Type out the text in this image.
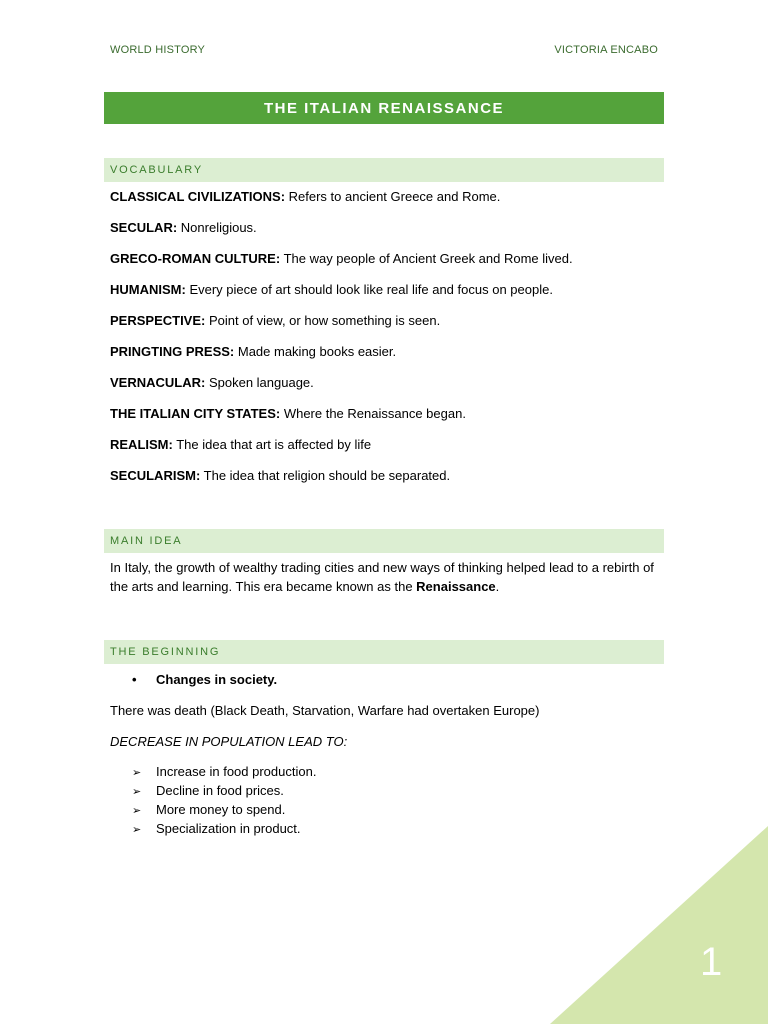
WORLD HISTORY	VICTORIA ENCABO
THE ITALIAN RENAISSANCE
VOCABULARY
CLASSICAL CIVILIZATIONS: Refers to ancient Greece and Rome.
SECULAR: Nonreligious.
GRECO-ROMAN CULTURE: The way people of Ancient Greek and Rome lived.
HUMANISM: Every piece of art should look like real life and focus on people.
PERSPECTIVE: Point of view, or how something is seen.
PRINGTING PRESS: Made making books easier.
VERNACULAR: Spoken language.
THE ITALIAN CITY STATES: Where the Renaissance began.
REALISM: The idea that art is affected by life
SECULARISM: The idea that religion should be separated.
MAIN IDEA
In Italy, the growth of wealthy trading cities and new ways of thinking helped lead to a rebirth of the arts and learning. This era became known as the Renaissance.
THE BEGINNING
• Changes in society.
There was death (Black Death, Starvation, Warfare had overtaken Europe)
DECREASE IN POPULATION LEAD TO:
➢ Increase in food production.
➢ Decline in food prices.
➢ More money to spend.
➢ Specialization in product.
1
